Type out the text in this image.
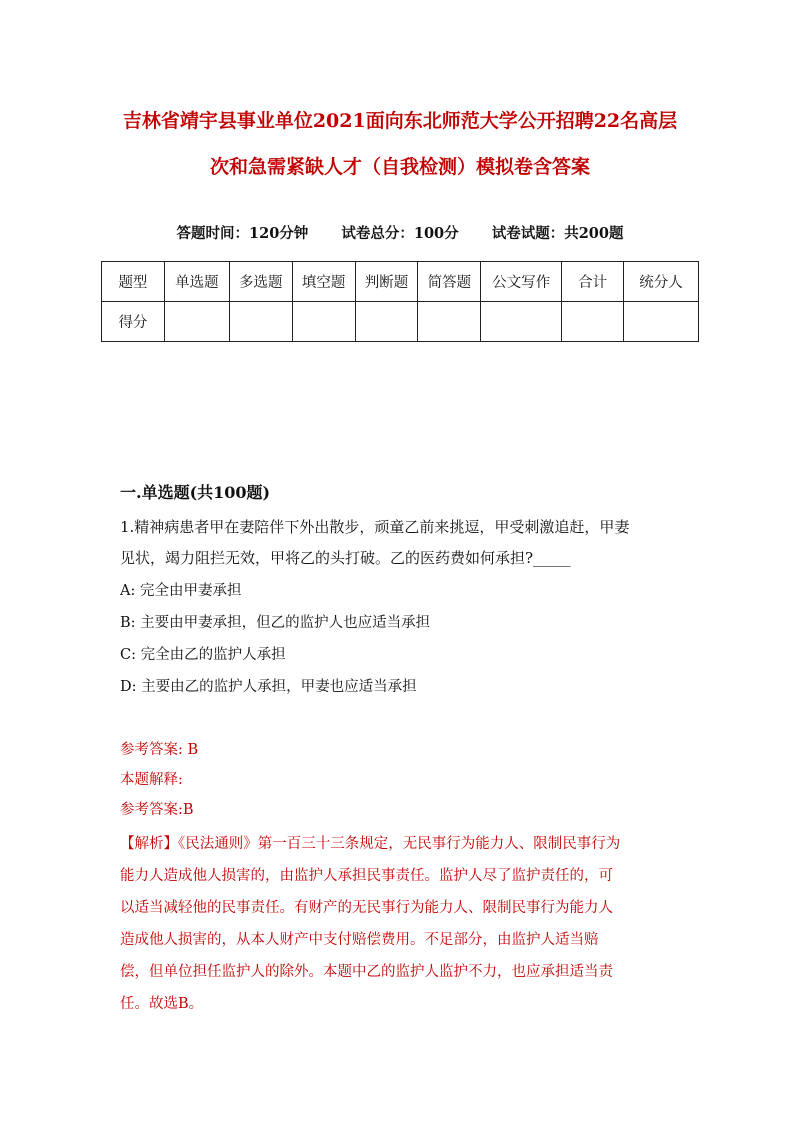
吉林省靖宇县事业单位2021面向东北师范大学公开招聘22名高层
次和急需紧缺人才（自我检测）模拟卷含答案
答题时间：120分钟 试卷总分：100分 试卷试题：共200题
题型	单选题	多选题	填空题	判断题	简答题	公文写作	合计	统分人
得分								
一.单选题(共100题)
1.精神病患者甲在妻陪伴下外出散步，顽童乙前来挑逗，甲受刺激追赶，甲妻
见状，竭力阻拦无效，甲将乙的头打破。乙的医药费如何承担?_____
A: 完全由甲妻承担
B: 主要由甲妻承担，但乙的监护人也应适当承担
C: 完全由乙的监护人承担
D: 主要由乙的监护人承担，甲妻也应适当承担
参考答案: B
本题解释:
参考答案:B
【解析】《民法通则》第一百三十三条规定，无民事行为能力人、限制民事行为
能力人造成他人损害的，由监护人承担民事责任。监护人尽了监护责任的，可
以适当减轻他的民事责任。有财产的无民事行为能力人、限制民事行为能力人
造成他人损害的，从本人财产中支付赔偿费用。不足部分，由监护人适当赔
偿，但单位担任监护人的除外。本题中乙的监护人监护不力，也应承担适当责
任。故选B。
